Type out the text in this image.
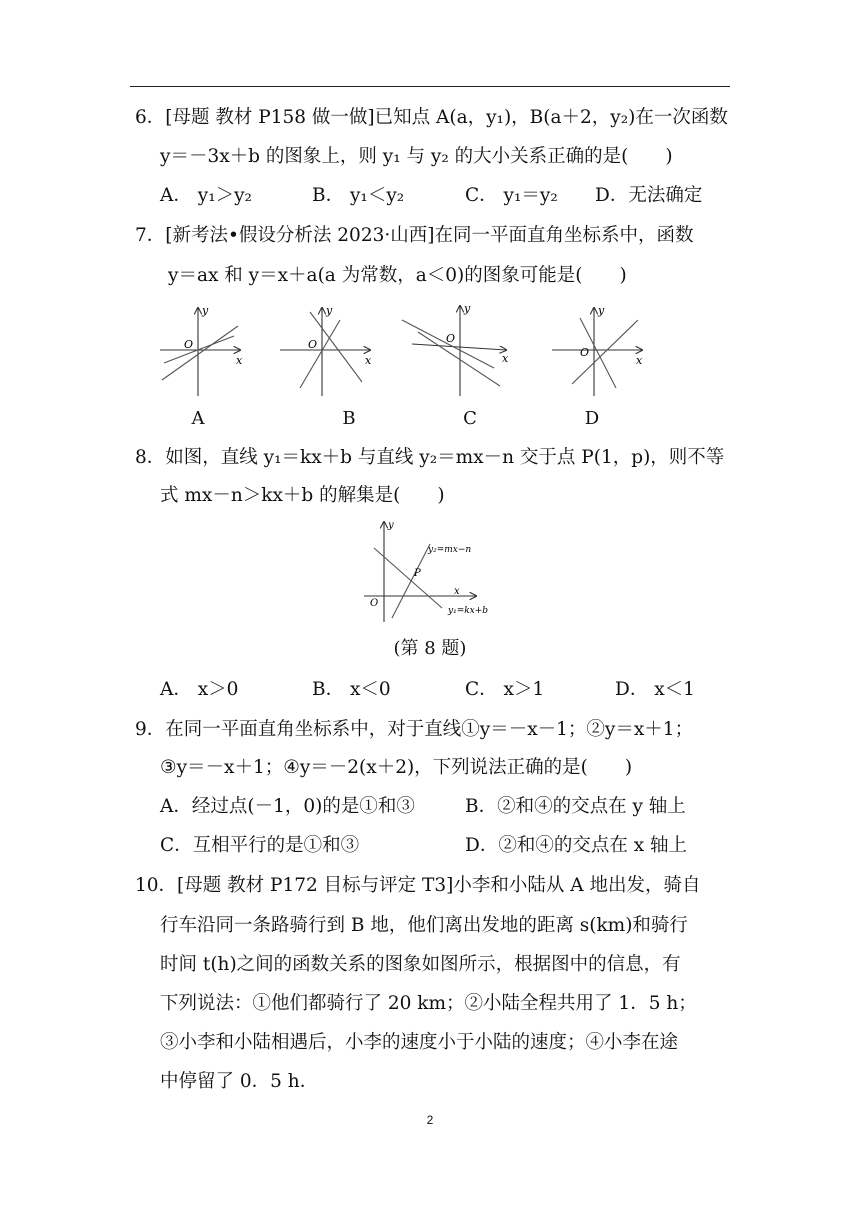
6．[母题 教材 P158 做一做]已知点 A(a，y₁)，B(a＋2，y₂)在一次函数
y＝－3x＋b 的图象上，则 y₁ 与 y₂ 的大小关系正确的是(　　)
A． y₁＞y₂	B． y₁＜y₂	C． y₁＝y₂ D．无法确定
7．[新考法•假设分析法 2023·山西]在同一平面直角坐标系中，函数
y＝ax 和 y＝x＋a(a 为常数，a＜0)的图象可能是(　　)
y
x
O
y
x
O
y
x
O
y
x
O
A	B	C	D
8．如图，直线 y₁＝kx＋b 与直线 y₂＝mx－n 交于点 P(1，p)，则不等
式 mx－n＞kx＋b 的解集是(　　)
y
x
O
P
y₂=mx−n
y₁=kx+b
(第 8 题)
A． x＞0	B． x＜0	C． x＞1	D． x＜1
9．在同一平面直角坐标系中，对于直线①y＝－x－1；②y＝x＋1；
③y＝－x＋1；④y＝－2(x＋2)，下列说法正确的是(　　)
A．经过点(－1，0)的是①和③	B．②和④的交点在 y 轴上
C．互相平行的是①和③	D．②和④的交点在 x 轴上
10．[母题 教材 P172 目标与评定 T3]小李和小陆从 A 地出发，骑自
行车沿同一条路骑行到 B 地，他们离出发地的距离 s(km)和骑行
时间 t(h)之间的函数关系的图象如图所示，根据图中的信息，有
下列说法：①他们都骑行了 20 km；②小陆全程共用了 1．5 h；
③小李和小陆相遇后，小李的速度小于小陆的速度；④小李在途
中停留了 0．5 h．
2
